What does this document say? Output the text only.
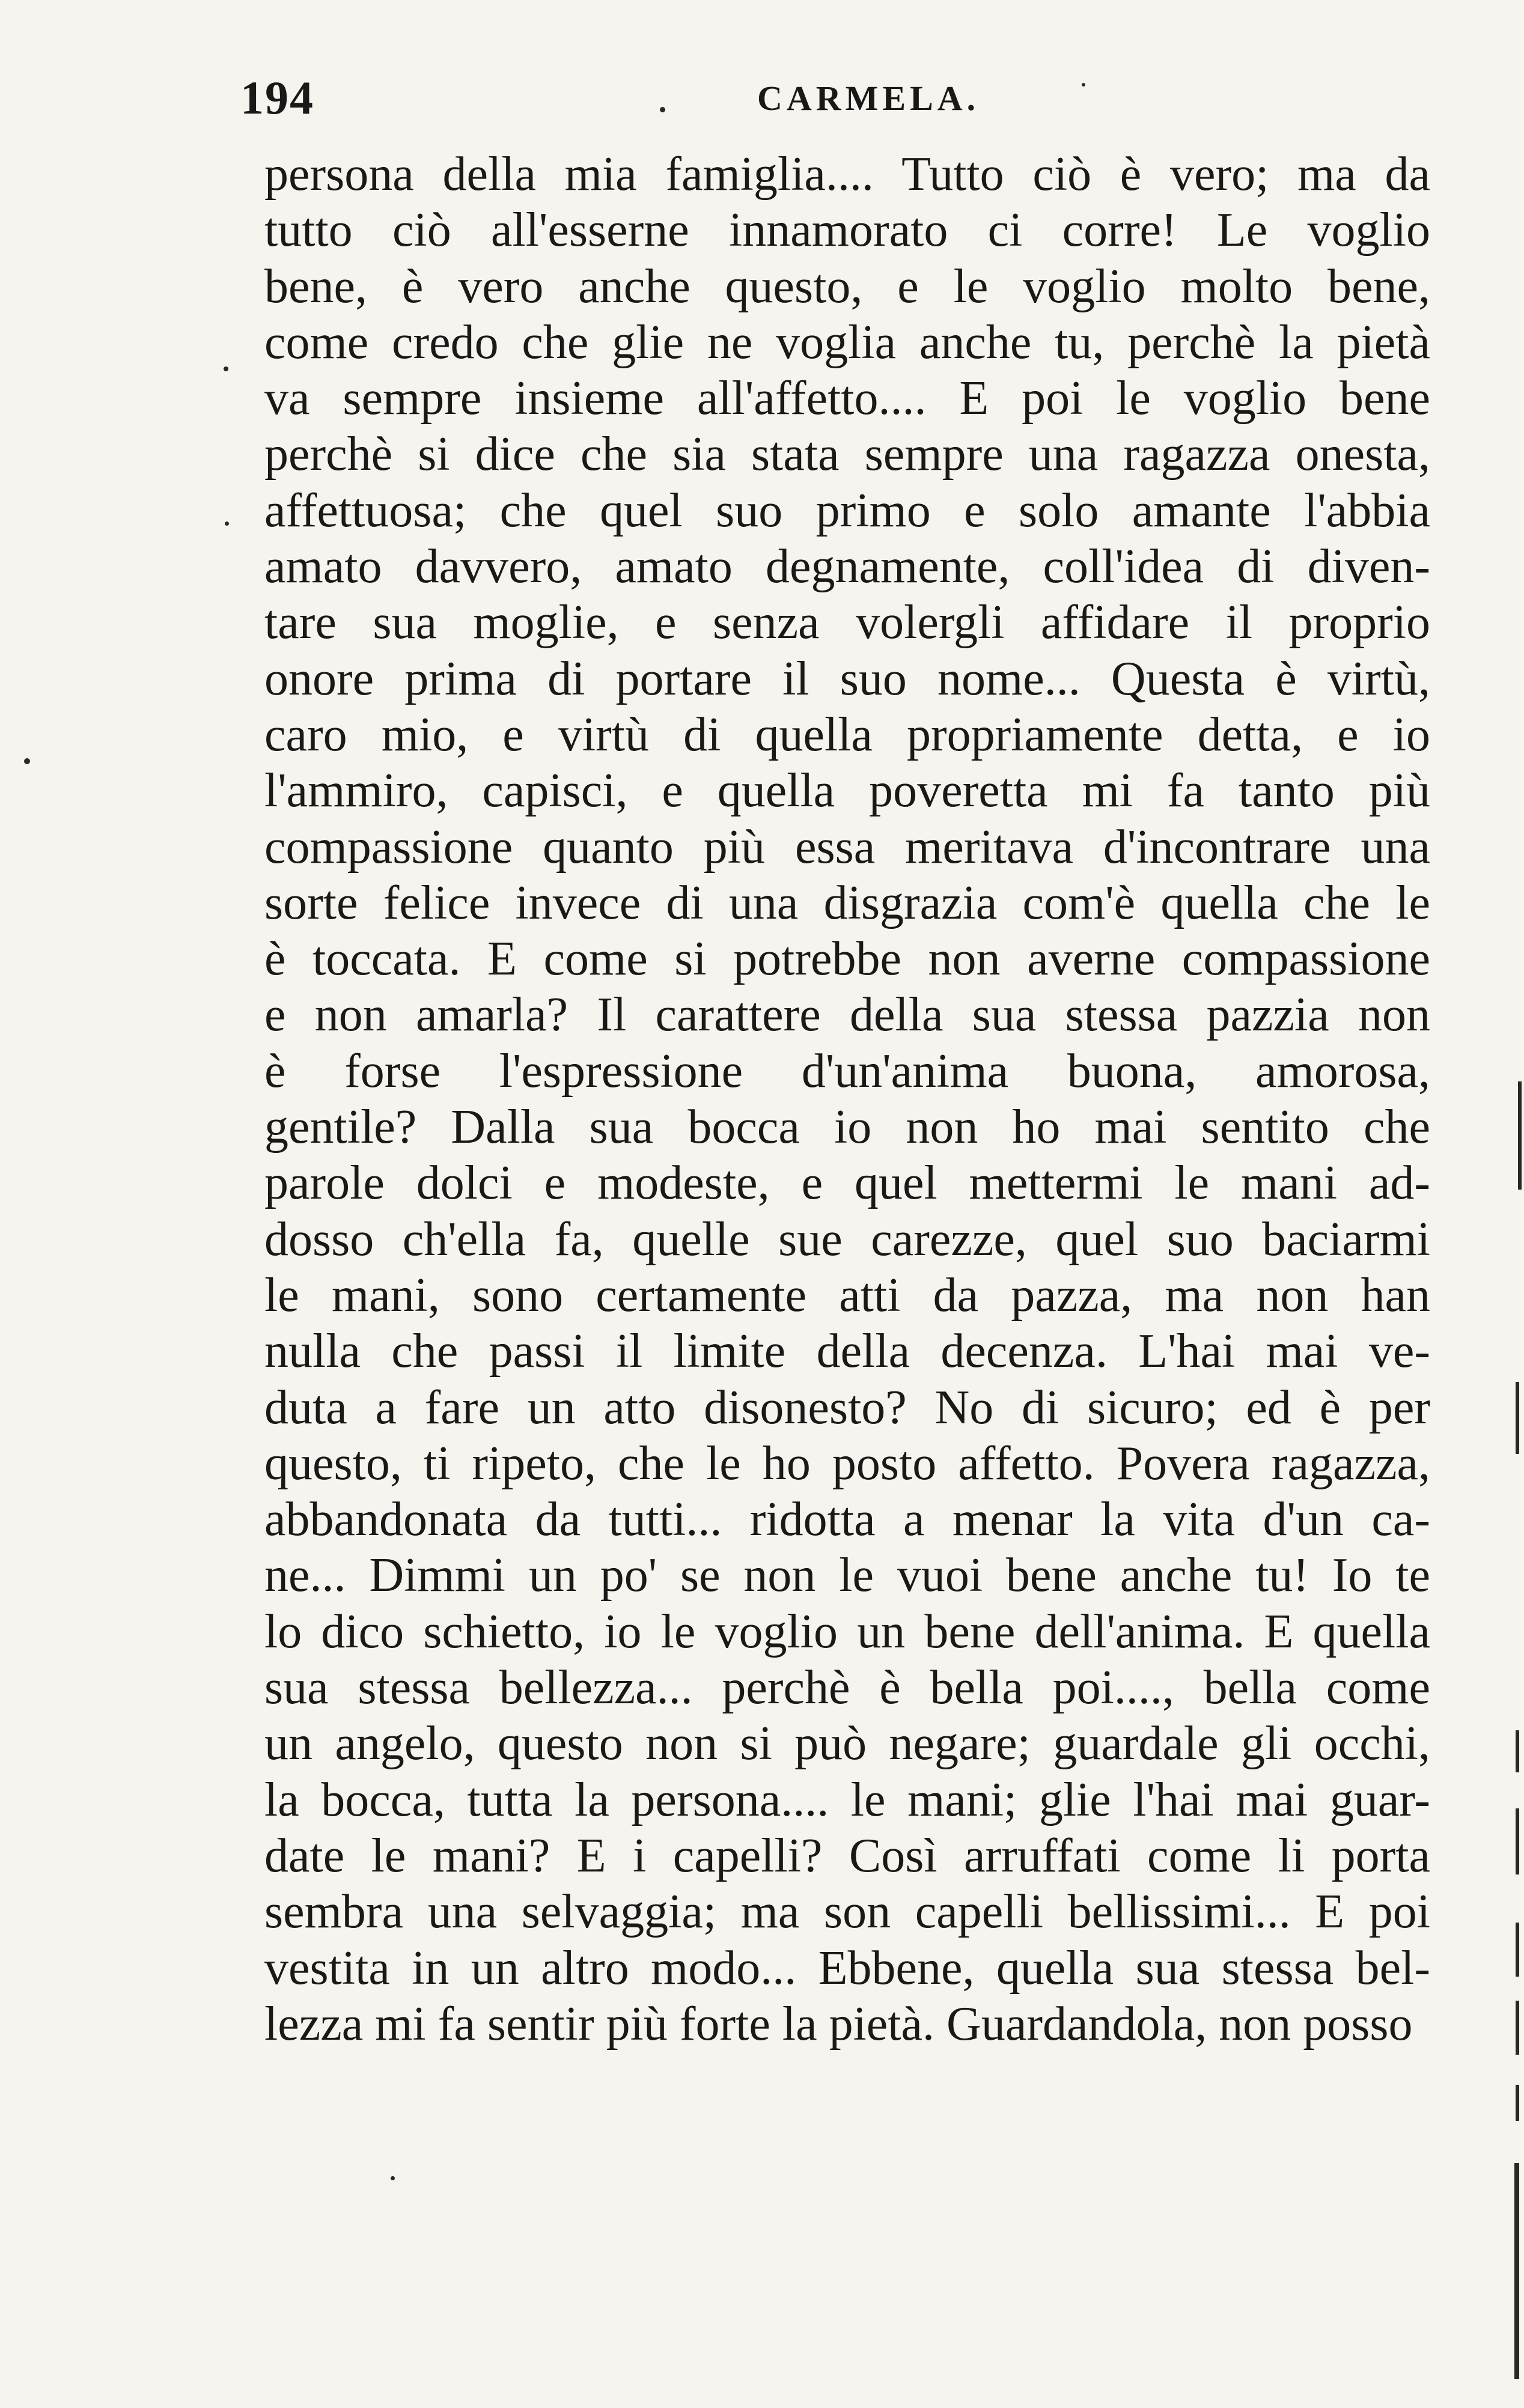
194	CARMELA.
persona della mia famiglia.... Tutto ciò è vero; ma da
tutto ciò all'esserne innamorato ci corre! Le voglio
bene, è vero anche questo, e le voglio molto bene,
come credo che glie ne voglia anche tu, perchè la pietà
va sempre insieme all'affetto.... E poi le voglio bene
perchè si dice che sia stata sempre una ragazza onesta,
affettuosa; che quel suo primo e solo amante l'abbia
amato davvero, amato degnamente, coll'idea di diven-
tare sua moglie, e senza volergli affidare il proprio
onore prima di portare il suo nome... Questa è virtù,
caro mio, e virtù di quella propriamente detta, e io
l'ammiro, capisci, e quella poveretta mi fa tanto più
compassione quanto più essa meritava d'incontrare una
sorte felice invece di una disgrazia com'è quella che le
è toccata. E come si potrebbe non averne compassione
e non amarla? Il carattere della sua stessa pazzia non
è forse l'espressione d'un'anima buona, amorosa,
gentile? Dalla sua bocca io non ho mai sentito che
parole dolci e modeste, e quel mettermi le mani ad-
dosso ch'ella fa, quelle sue carezze, quel suo baciarmi
le mani, sono certamente atti da pazza, ma non han
nulla che passi il limite della decenza. L'hai mai ve-
duta a fare un atto disonesto? No di sicuro; ed è per
questo, ti ripeto, che le ho posto affetto. Povera ragazza,
abbandonata da tutti... ridotta a menar la vita d'un ca-
ne... Dimmi un po' se non le vuoi bene anche tu! Io te
lo dico schietto, io le voglio un bene dell'anima. E quella
sua stessa bellezza... perchè è bella poi...., bella come
un angelo, questo non si può negare; guardale gli occhi,
la bocca, tutta la persona.... le mani; glie l'hai mai guar-
date le mani? E i capelli? Così arruffati come li porta
sembra una selvaggia; ma son capelli bellissimi... E poi
vestita in un altro modo... Ebbene, quella sua stessa bel-
lezza mi fa sentir più forte la pietà. Guardandola, non posso
